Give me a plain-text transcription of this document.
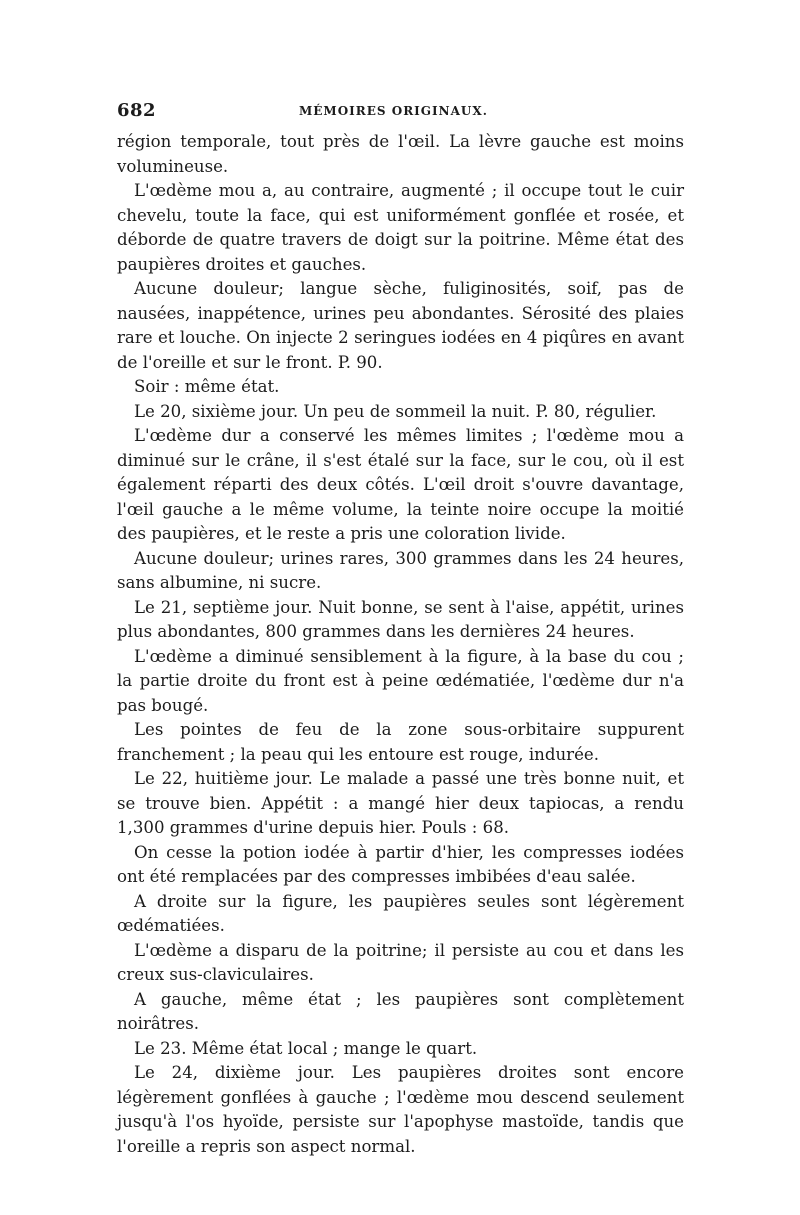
682	MÉMOIRES ORIGINAUX.

région temporale, tout près de l'œil. La lèvre gauche est moins volumineuse.

L'œdème mou a, au contraire, augmenté ; il occupe tout le cuir chevelu, toute la face, qui est uniformément gonflée et rosée, et déborde de quatre travers de doigt sur la poitrine. Même état des paupières droites et gauches.

Aucune douleur; langue sèche, fuliginosités, soif, pas de nausées, inappétence, urines peu abondantes. Sérosité des plaies rare et louche. On injecte 2 seringues iodées en 4 piqûres en avant de l'oreille et sur le front. P. 90.

Soir : même état.

Le 20, sixième jour. Un peu de sommeil la nuit. P. 80, régulier.

L'œdème dur a conservé les mêmes limites ; l'œdème mou a diminué sur le crâne, il s'est étalé sur la face, sur le cou, où il est également réparti des deux côtés. L'œil droit s'ouvre davantage, l'œil gauche a le même volume, la teinte noire occupe la moitié des paupières, et le reste a pris une coloration livide.

Aucune douleur; urines rares, 300 grammes dans les 24 heures, sans albumine, ni sucre.

Le 21, septième jour. Nuit bonne, se sent à l'aise, appétit, urines plus abondantes, 800 grammes dans les dernières 24 heures.

L'œdème a diminué sensiblement à la figure, à la base du cou ; la partie droite du front est à peine œdématiée, l'œdème dur n'a pas bougé.

Les pointes de feu de la zone sous-orbitaire suppurent franchement ; la peau qui les entoure est rouge, indurée.

Le 22, huitième jour. Le malade a passé une très bonne nuit, et se trouve bien. Appétit : a mangé hier deux tapiocas, a rendu 1,300 grammes d'urine depuis hier. Pouls : 68.

On cesse la potion iodée à partir d'hier, les compresses iodées ont été remplacées par des compresses imbibées d'eau salée.

A droite sur la figure, les paupières seules sont légèrement œdématiées.

L'œdème a disparu de la poitrine; il persiste au cou et dans les creux sus-claviculaires.

A gauche, même état ; les paupières sont complètement noirâtres.

Le 23. Même état local ; mange le quart.

Le 24, dixième jour. Les paupières droites sont encore légèrement gonflées à gauche ; l'œdème mou descend seulement jusqu'à l'os hyoïde, persiste sur l'apophyse mastoïde, tandis que l'oreille a repris son aspect normal.
